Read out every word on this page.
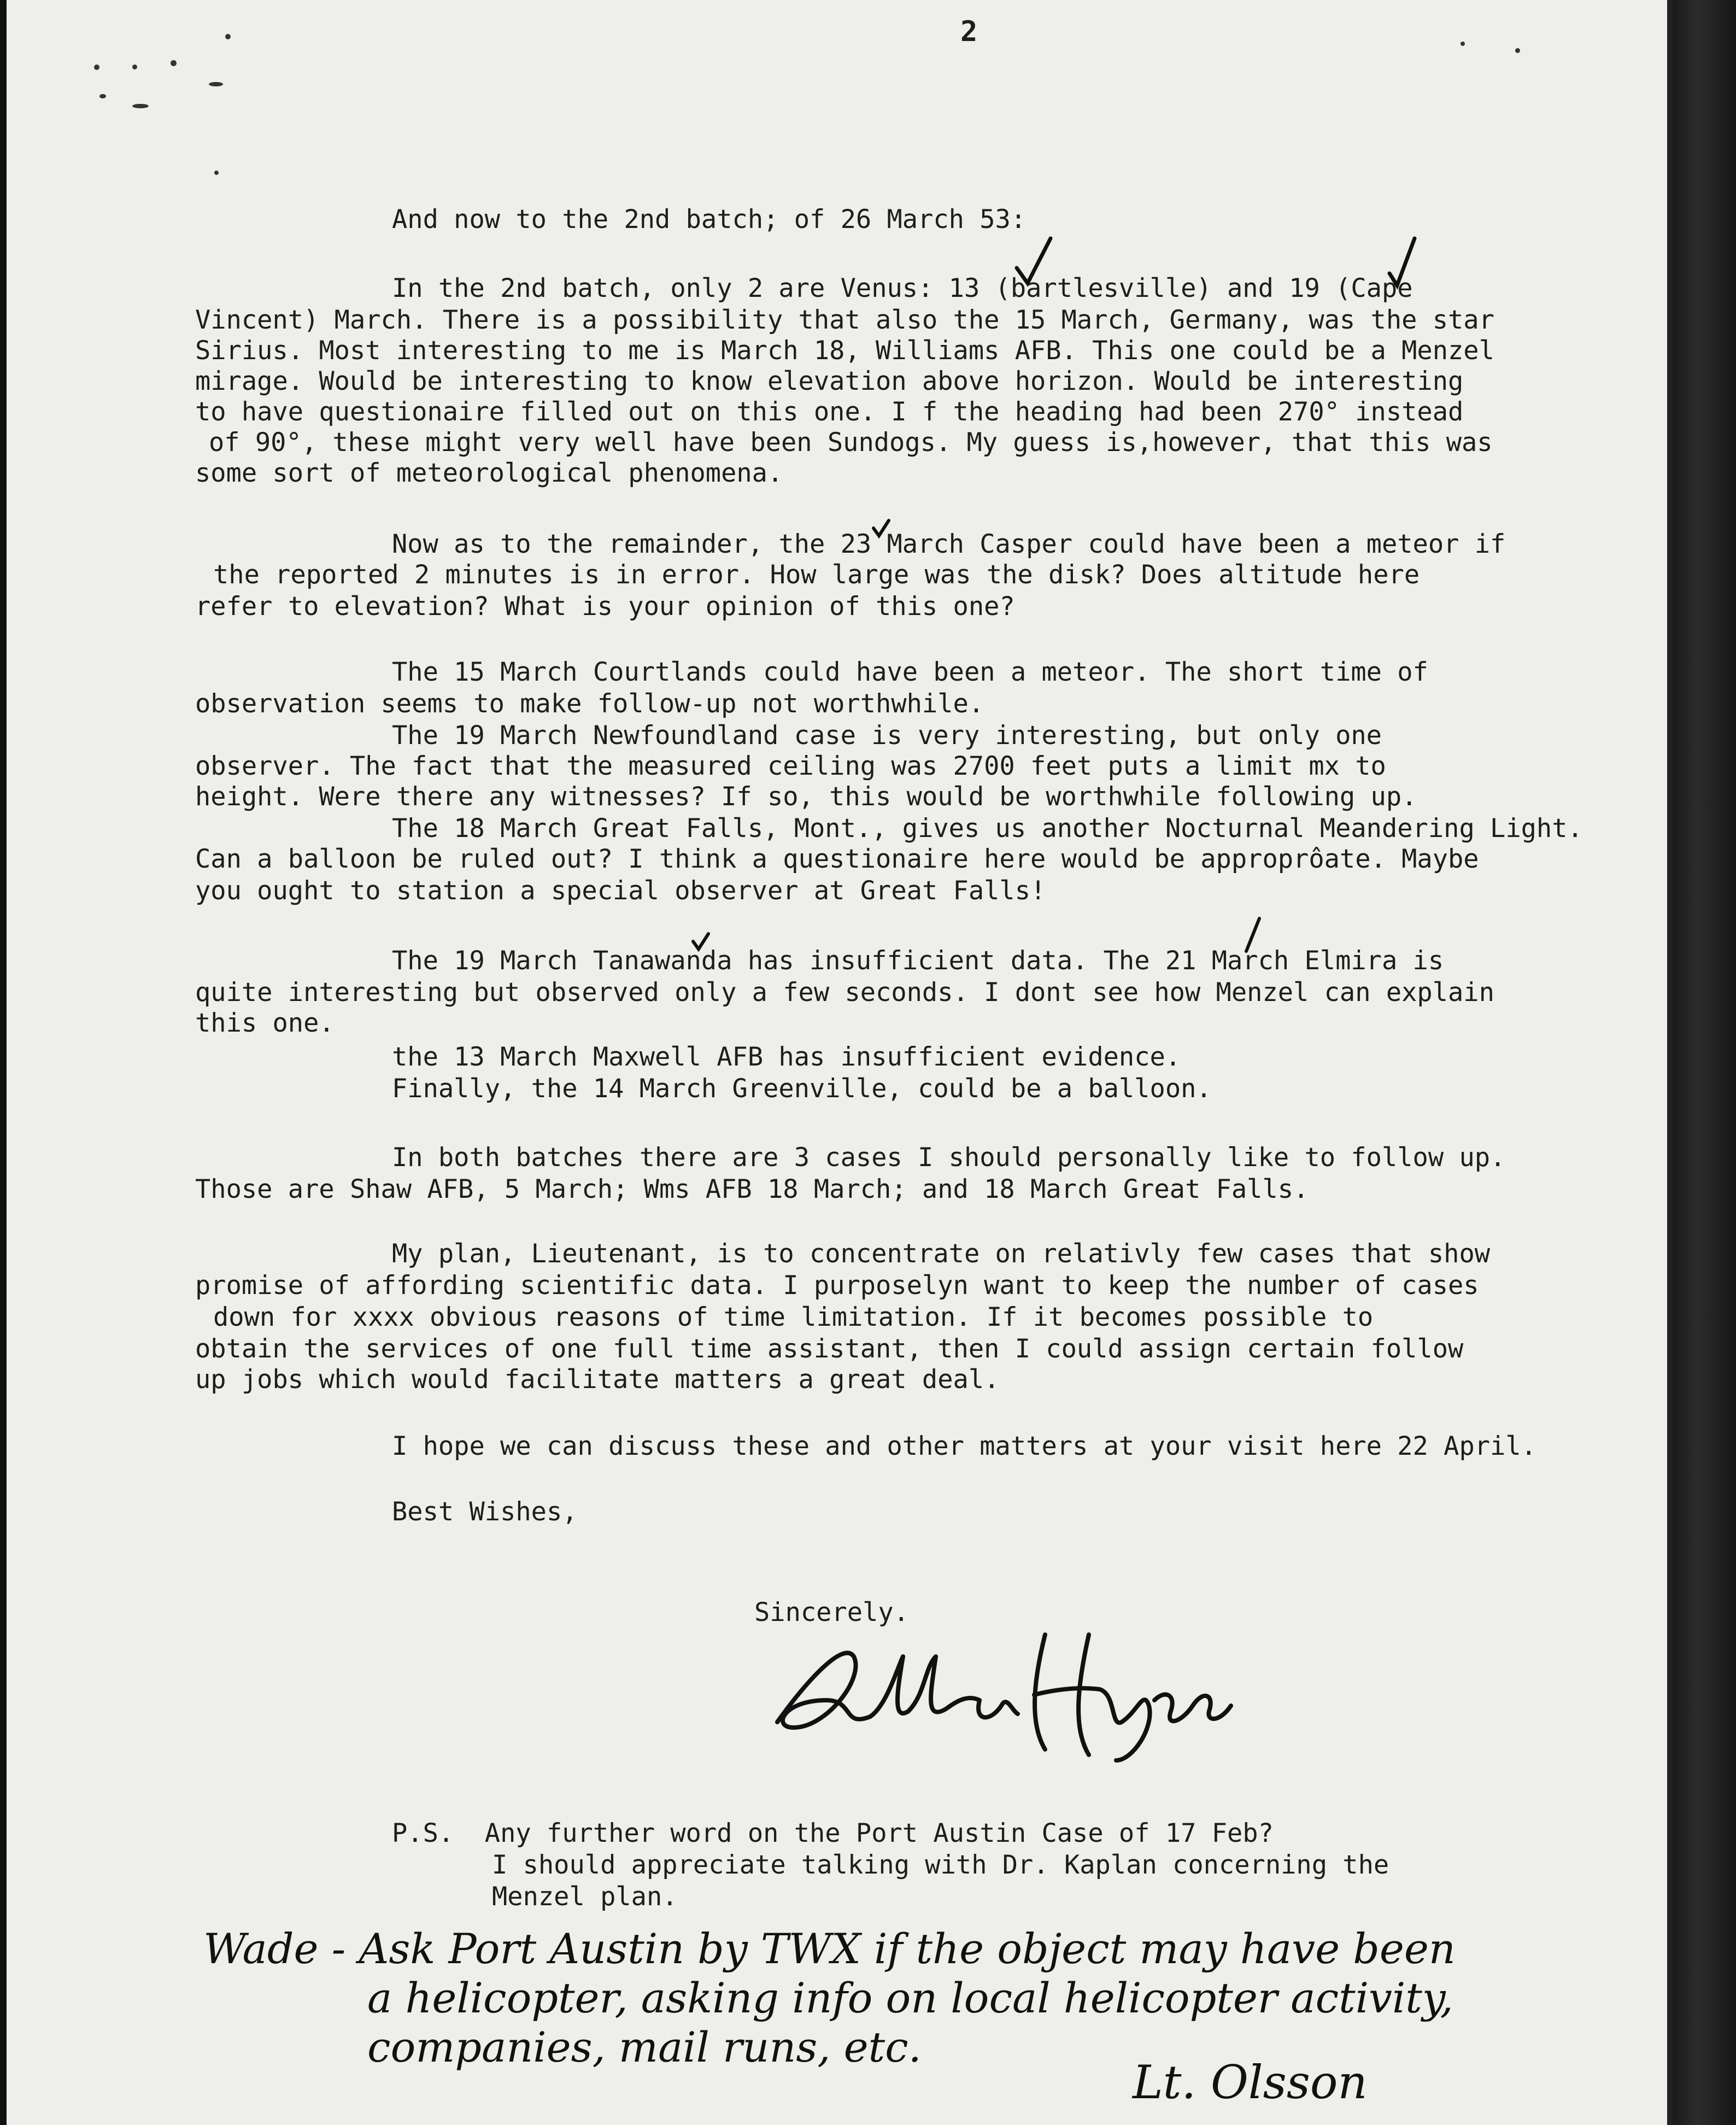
2
And now to the 2nd batch; of 26 March 53:
In the 2nd batch, only 2 are Venus: 13 (bartlesville) and 19 (Cape
Vincent) March. There is a possibility that also the 15 March, Germany, was the star
Sirius. Most interesting to me is March 18, Williams AFB. This one could be a Menzel
mirage. Would be interesting to know elevation above horizon. Would be interesting
to have questionaire filled out on this one. I f the heading had been 270° instead
of 90°, these might very well have been Sundogs. My guess is,however, that this was
some sort of meteorological phenomena.
Now as to the remainder, the 23 March Casper could have been a meteor if
the reported 2 minutes is in error. How large was the disk? Does altitude here
refer to elevation? What is your opinion of this one?
The 15 March Courtlands could have been a meteor. The short time of
observation seems to make follow-up not worthwhile.
The 19 March Newfoundland case is very interesting, but only one
observer. The fact that the measured ceiling was 2700 feet puts a limit mx to
height. Were there any witnesses? If so, this would be worthwhile following up.
The 18 March Great Falls, Mont., gives us another Nocturnal Meandering Light.
Can a balloon be ruled out? I think a questionaire here would be approprôate. Maybe
you ought to station a special observer at Great Falls!
The 19 March Tanawanda has insufficient data. The 21 March Elmira is
quite interesting but observed only a few seconds. I dont see how Menzel can explain
this one.
the 13 March Maxwell AFB has insufficient evidence.
Finally, the 14 March Greenville, could be a balloon.
In both batches there are 3 cases I should personally like to follow up.
Those are Shaw AFB, 5 March; Wms AFB 18 March; and 18 March Great Falls.
My plan, Lieutenant, is to concentrate on relativly few cases that show
promise of affording scientific data. I purposelyn want to keep the number of cases
down for xxxx obvious reasons of time limitation. If it becomes possible to
obtain the services of one full time assistant, then I could assign certain follow
up jobs which would facilitate matters a great deal.
I hope we can discuss these and other matters at your visit here 22 April.
Best Wishes,
Sincerely.
P.S.  Any further word on the Port Austin Case of 17 Feb?
I should appreciate talking with Dr. Kaplan concerning the
Menzel plan.
Wade - Ask Port Austin by TWX if the object may have been
a helicopter, asking info on local helicopter activity,
companies, mail runs, etc.
Lt. Olsson
